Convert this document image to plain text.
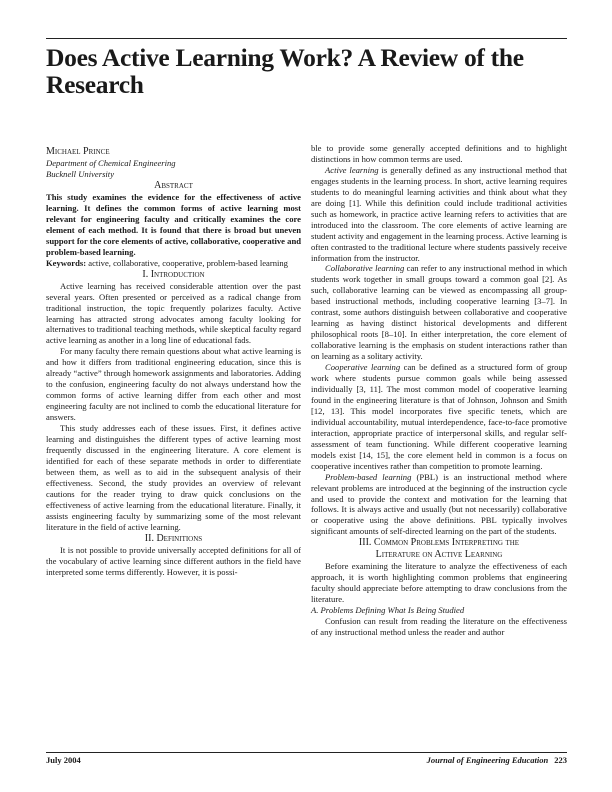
Does Active Learning Work? A Review of the Research

Michael Prince

Department of Chemical Engineering

Bucknell University

Abstract

This study examines the evidence for the effectiveness of active learning. It defines the common forms of active learning most relevant for engineering faculty and critically examines the core element of each method. It is found that there is broad but uneven support for the core elements of active, collaborative, cooperative and problem-based learning.

Keywords: active, collaborative, cooperative, problem-based learning

I. Introduction

Active learning has received considerable attention over the past several years. Often presented or perceived as a radical change from traditional instruction, the topic frequently polarizes faculty. Active learning has attracted strong advocates among faculty looking for alternatives to traditional teaching methods, while skeptical faculty regard active learning as another in a long line of educational fads.

For many faculty there remain questions about what active learning is and how it differs from traditional engineering education, since this is already “active” through homework assignments and laboratories. Adding to the confusion, engineering faculty do not always understand how the common forms of active learning differ from each other and most engineering faculty are not inclined to comb the educational literature for answers.

This study addresses each of these issues. First, it defines active learning and distinguishes the different types of active learning most frequently discussed in the engineering literature. A core element is identified for each of these separate methods in order to differentiate between them, as well as to aid in the subsequent analysis of their effectiveness. Second, the study provides an overview of relevant cautions for the reader trying to draw quick conclusions on the effectiveness of active learning from the educational literature. Finally, it assists engineering faculty by summarizing some of the most relevant literature in the field of active learning.

II. Definitions

It is not possible to provide universally accepted definitions for all of the vocabulary of active learning since different authors in the field have interpreted some terms differently. However, it is possi-

ble to provide some generally accepted definitions and to highlight distinctions in how common terms are used.

Active learning is generally defined as any instructional method that engages students in the learning process. In short, active learning requires students to do meaningful learning activities and think about what they are doing [1]. While this definition could include traditional activities such as homework, in practice active learning refers to activities that are introduced into the classroom. The core elements of active learning are student activity and engagement in the learning process. Active learning is often contrasted to the traditional lecture where students passively receive information from the instructor.

Collaborative learning can refer to any instructional method in which students work together in small groups toward a common goal [2]. As such, collaborative learning can be viewed as encompassing all group-based instructional methods, including cooperative learning [3–7]. In contrast, some authors distinguish between collaborative and cooperative learning as having distinct historical developments and different philosophical roots [8–10]. In either interpretation, the core element of collaborative learning is the emphasis on student interactions rather than on learning as a solitary activity.

Cooperative learning can be defined as a structured form of group work where students pursue common goals while being assessed individually [3, 11]. The most common model of cooperative learning found in the engineering literature is that of Johnson, Johnson and Smith [12, 13]. This model incorporates five specific tenets, which are individual accountability, mutual interdependence, face-to-face promotive interaction, appropriate practice of interpersonal skills, and regular self-assessment of team functioning. While different cooperative learning models exist [14, 15], the core element held in common is a focus on cooperative incentives rather than competition to promote learning.

Problem-based learning (PBL) is an instructional method where relevant problems are introduced at the beginning of the instruction cycle and used to provide the context and motivation for the learning that follows. It is always active and usually (but not necessarily) collaborative or cooperative using the above definitions. PBL typically involves significant amounts of self-directed learning on the part of the students.

III. Common Problems Interpreting the
Literature on Active Learning

Before examining the literature to analyze the effectiveness of each approach, it is worth highlighting common problems that engineering faculty should appreciate before attempting to draw conclusions from the literature.

A. Problems Defining What Is Being Studied

Confusion can result from reading the literature on the effectiveness of any instructional method unless the reader and author

July 2004	Journal of Engineering Education 223
